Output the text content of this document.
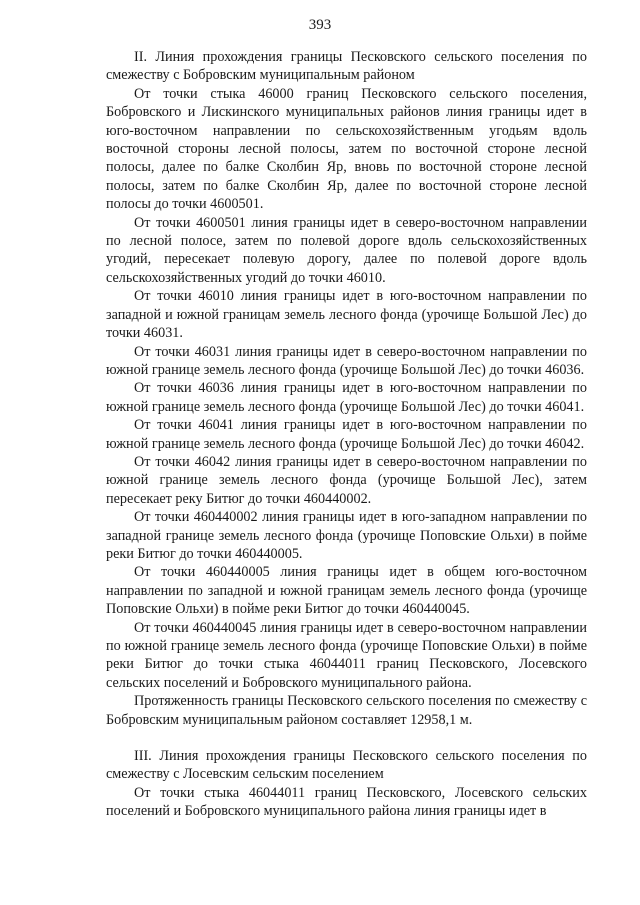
393

II. Линия прохождения границы Песковского сельского поселения по смежеству с Бобровским муниципальным районом

От точки стыка 46000 границ Песковского сельского поселения, Бобровского и Лискинского муниципальных районов линия границы идет в юго-восточном направлении по сельскохозяйственным угодьям вдоль восточной стороны лесной полосы, затем по восточной стороне лесной полосы, далее по балке Сколбин Яр, вновь по восточной стороне лесной полосы, затем по балке Сколбин Яр, далее по восточной стороне лесной полосы до точки 4600501.

От точки 4600501 линия границы идет в северо-восточном направлении по лесной полосе, затем по полевой дороге вдоль сельскохозяйственных угодий, пересекает полевую дорогу, далее по полевой дороге вдоль сельскохозяйственных угодий до точки 46010.

От точки 46010 линия границы идет в юго-восточном направлении по западной и южной границам земель лесного фонда (урочище Большой Лес) до точки 46031.

От точки 46031 линия границы идет в северо-восточном направлении по южной границе земель лесного фонда (урочище Большой Лес) до точки 46036.

От точки 46036 линия границы идет в юго-восточном направлении по южной границе земель лесного фонда (урочище Большой Лес) до точки 46041.

От точки 46041 линия границы идет в юго-восточном направлении по южной границе земель лесного фонда (урочище Большой Лес) до точки 46042.

От точки 46042 линия границы идет в северо-восточном направлении по южной границе земель лесного фонда (урочище Большой Лес), затем пересекает реку Битюг до точки 460440002.

От точки 460440002 линия границы идет в юго-западном направлении по западной границе земель лесного фонда (урочище Поповские Ольхи) в пойме реки Битюг до точки 460440005.

От точки 460440005 линия границы идет в общем юго-восточном направлении по западной и южной границам земель лесного фонда (урочище Поповские Ольхи) в пойме реки Битюг до точки 460440045.

От точки 460440045 линия границы идет в северо-восточном направлении по южной границе земель лесного фонда (урочище Поповские Ольхи) в пойме реки Битюг до точки стыка 46044011 границ Песковского, Лосевского сельских поселений и Бобровского муниципального района.

Протяженность границы Песковского сельского поселения по смежеству с Бобровским муниципальным районом составляет 12958,1 м.

III. Линия прохождения границы Песковского сельского поселения по смежеству с Лосевским сельским поселением

От точки стыка 46044011 границ Песковского, Лосевского сельских поселений и Бобровского муниципального района линия границы идет в
